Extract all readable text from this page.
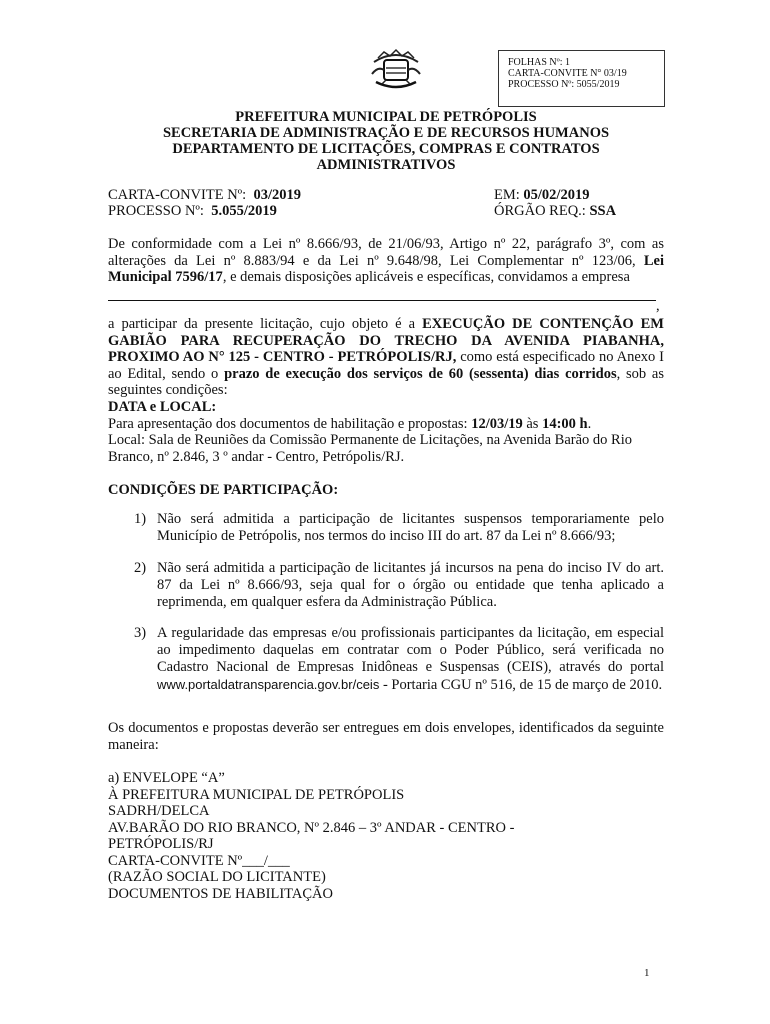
FOLHAS Nº: 1
CARTA-CONVITE N° 03/19
PROCESSO Nº: 5055/2019
PREFEITURA MUNICIPAL DE PETRÓPOLIS
SECRETARIA DE ADMINISTRAÇÃO E DE RECURSOS HUMANOS
DEPARTAMENTO DE LICITAÇÕES, COMPRAS E CONTRATOS
ADMINISTRATIVOS
CARTA-CONVITE Nº: 03/2019	EM: 05/02/2019
PROCESSO Nº: 5.055/2019	ÓRGÃO REQ.: SSA
De conformidade com a Lei nº 8.666/93, de 21/06/93, Artigo nº 22, parágrafo 3º, com as alterações da Lei nº 8.883/94 e da Lei nº 9.648/98, Lei Complementar nº 123/06, Lei Municipal 7596/17, e demais disposições aplicáveis e específicas, convidamos a empresa
,
a participar da presente licitação, cujo objeto é a EXECUÇÃO DE CONTENÇÃO EM GABIÃO PARA RECUPERAÇÃO DO TRECHO DA AVENIDA PIABANHA, PROXIMO AO N° 125 - CENTRO - PETRÓPOLIS/RJ, como está especificado no Anexo I ao Edital, sendo o prazo de execução dos serviços de 60 (sessenta) dias corridos, sob as seguintes condições:
DATA e LOCAL:
Para apresentação dos documentos de habilitação e propostas: 12/03/19 às 14:00 h.
Local: Sala de Reuniões da Comissão Permanente de Licitações, na Avenida Barão do Rio Branco, nº 2.846, 3 º andar - Centro, Petrópolis/RJ.
CONDIÇÕES DE PARTICIPAÇÃO:
1) Não será admitida a participação de licitantes suspensos temporariamente pelo Município de Petrópolis, nos termos do inciso III do art. 87 da Lei nº 8.666/93;
2) Não será admitida a participação de licitantes já incursos na pena do inciso IV do art. 87 da Lei nº 8.666/93, seja qual for o órgão ou entidade que tenha aplicado a reprimenda, em qualquer esfera da Administração Pública.
3) A regularidade das empresas e/ou profissionais participantes da licitação, em especial ao impedimento daquelas em contratar com o Poder Público, será verificada no Cadastro Nacional de Empresas Inidôneas e Suspensas (CEIS), através do portal www.portaldatransparencia.gov.br/ceis - Portaria CGU nº 516, de 15 de março de 2010.
Os documentos e propostas deverão ser entregues em dois envelopes, identificados da seguinte maneira:
a) ENVELOPE “A”
À PREFEITURA MUNICIPAL DE PETRÓPOLIS
SADRH/DELCA
AV.BARÃO DO RIO BRANCO, Nº 2.846 – 3º ANDAR - CENTRO -
PETRÓPOLIS/RJ
CARTA-CONVITE Nº___/___
(RAZÃO SOCIAL DO LICITANTE)
DOCUMENTOS DE HABILITAÇÃO
1
